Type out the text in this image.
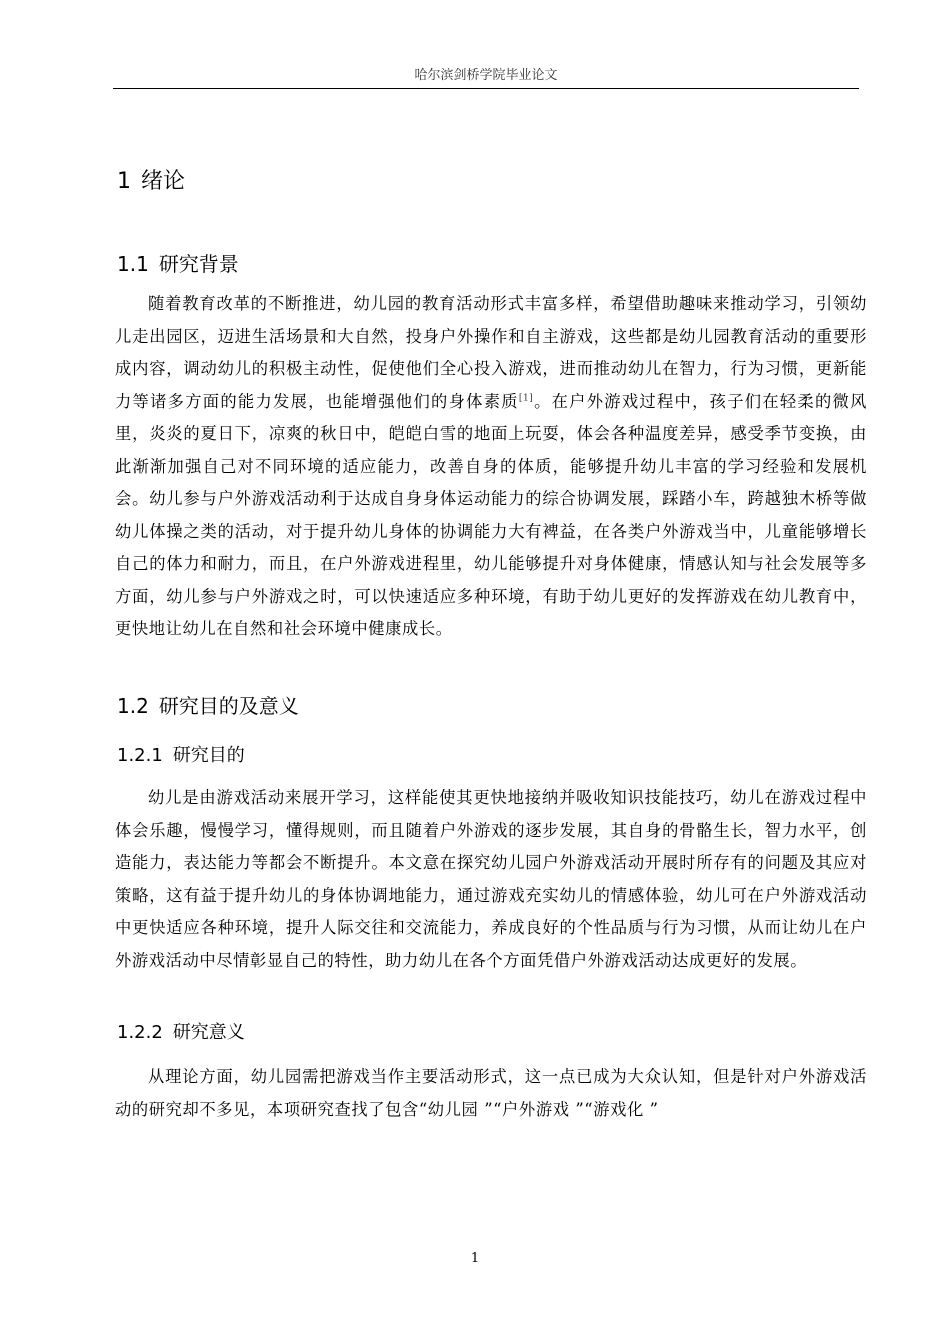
哈尔滨剑桥学院毕业论文
1 绪论
1.1 研究背景
随着教育改革的不断推进，幼儿园的教育活动形式丰富多样，希望借助趣味来推动学习，引领幼儿走出园区，迈进生活场景和大自然，投身户外操作和自主游戏，这些都是幼儿园教育活动的重要形成内容，调动幼儿的积极主动性，促使他们全心投入游戏，进而推动幼儿在智力，行为习惯，更新能力等诸多方面的能力发展，也能增强他们的身体素质[1]。在户外游戏过程中，孩子们在轻柔的微风里，炎炎的夏日下，凉爽的秋日中，皑皑白雪的地面上玩耍，体会各种温度差异，感受季节变换，由此渐渐加强自己对不同环境的适应能力，改善自身的体质，能够提升幼儿丰富的学习经验和发展机会。幼儿参与户外游戏活动利于达成自身身体运动能力的综合协调发展，踩踏小车，跨越独木桥等做幼儿体操之类的活动，对于提升幼儿身体的协调能力大有裨益，在各类户外游戏当中，儿童能够增长自己的体力和耐力，而且，在户外游戏进程里，幼儿能够提升对身体健康，情感认知与社会发展等多方面，幼儿参与户外游戏之时，可以快速适应多种环境，有助于幼儿更好的发挥游戏在幼儿教育中，更快地让幼儿在自然和社会环境中健康成长。
1.2 研究目的及意义
1.2.1 研究目的
幼儿是由游戏活动来展开学习，这样能使其更快地接纳并吸收知识技能技巧，幼儿在游戏过程中体会乐趣，慢慢学习，懂得规则，而且随着户外游戏的逐步发展，其自身的骨骼生长，智力水平，创造能力，表达能力等都会不断提升。本文意在探究幼儿园户外游戏活动开展时所存有的问题及其应对策略，这有益于提升幼儿的身体协调地能力，通过游戏充实幼儿的情感体验，幼儿可在户外游戏活动中更快适应各种环境，提升人际交往和交流能力，养成良好的个性品质与行为习惯，从而让幼儿在户外游戏活动中尽情彰显自己的特性，助力幼儿在各个方面凭借户外游戏活动达成更好的发展。
1.2.2 研究意义
从理论方面，幼儿园需把游戏当作主要活动形式，这一点已成为大众认知，但是针对户外游戏活动的研究却不多见，本项研究查找了包含“幼儿园 ”“户外游戏 ”“游戏化 ”
1
